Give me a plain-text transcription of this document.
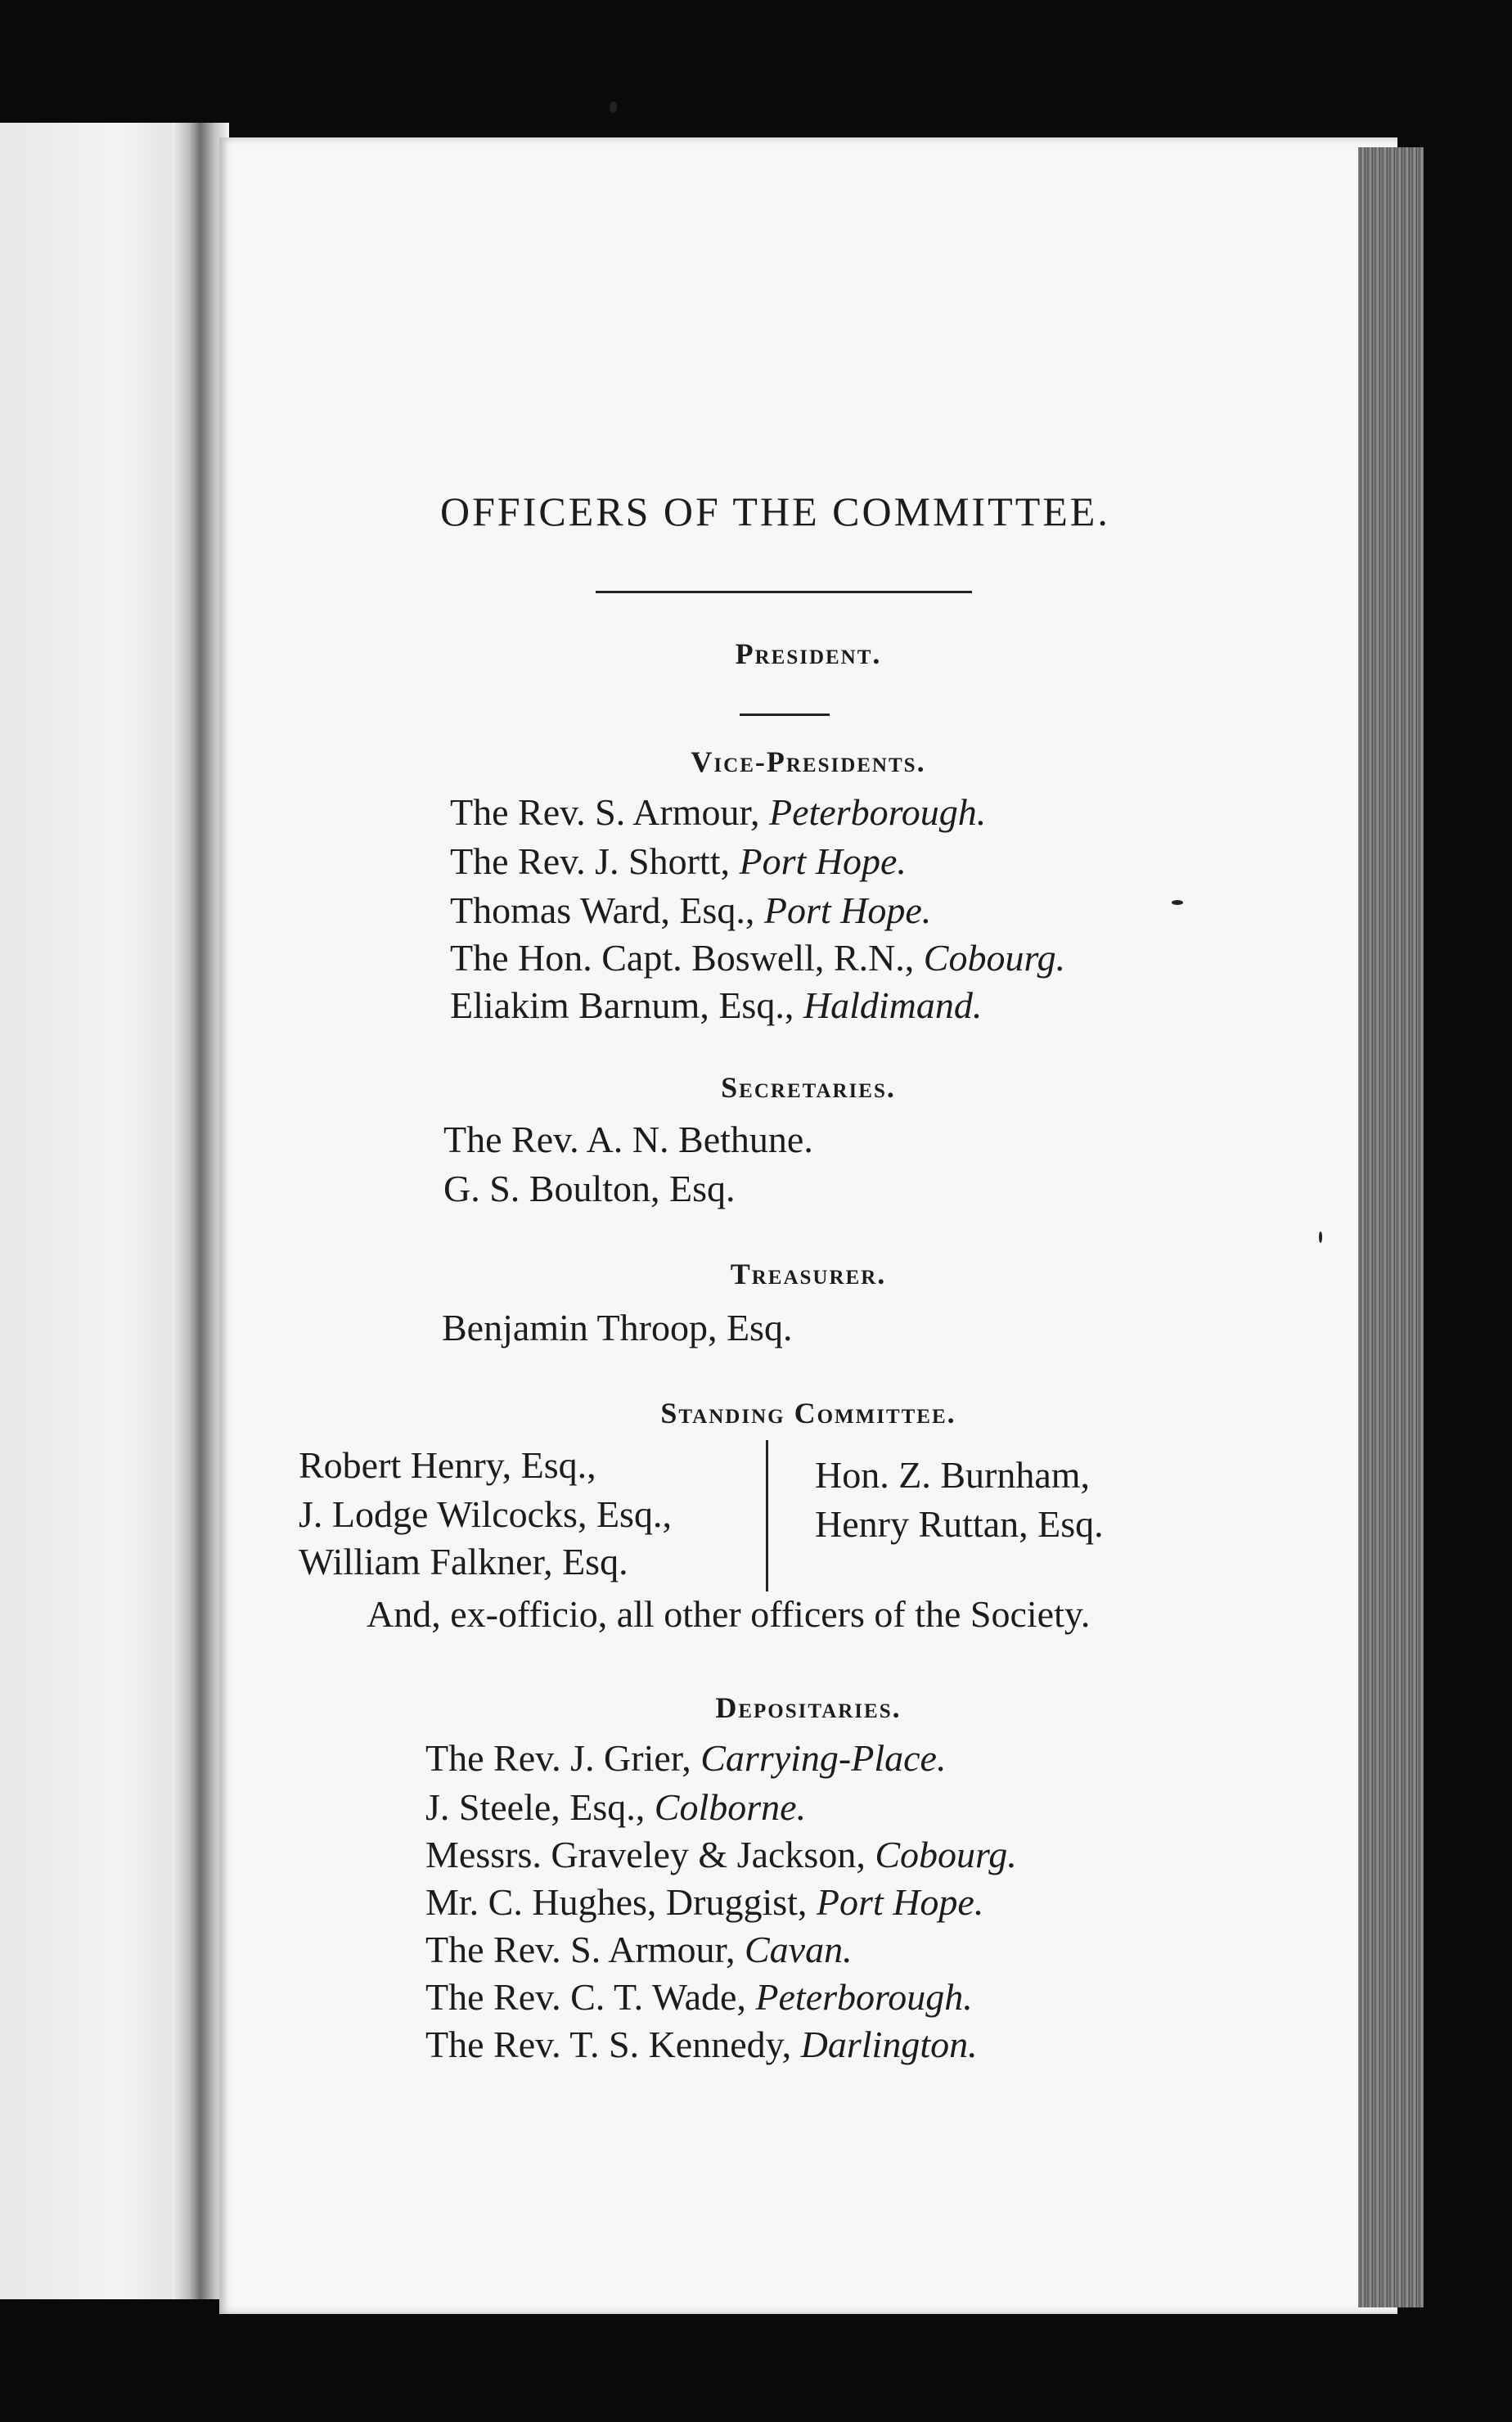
OFFICERS OF THE COMMITTEE.
President.
Vice-Presidents.
The Rev. S. Armour, Peterborough.
The Rev. J. Shortt, Port Hope.
Thomas Ward, Esq., Port Hope.
The Hon. Capt. Boswell, R.N., Cobourg.
Eliakim Barnum, Esq., Haldimand.
Secretaries.
The Rev. A. N. Bethune.
G. S. Boulton, Esq.
Treasurer.
Benjamin Throop, Esq.
Standing Committee.
Robert Henry, Esq.,
J. Lodge Wilcocks, Esq.,
William Falkner, Esq.
Hon. Z. Burnham,
Henry Ruttan, Esq.
And, ex-officio, all other officers of the Society.
Depositaries.
The Rev. J. Grier, Carrying-Place.
J. Steele, Esq., Colborne.
Messrs. Graveley & Jackson, Cobourg.
Mr. C. Hughes, Druggist, Port Hope.
The Rev. S. Armour, Cavan.
The Rev. C. T. Wade, Peterborough.
The Rev. T. S. Kennedy, Darlington.
